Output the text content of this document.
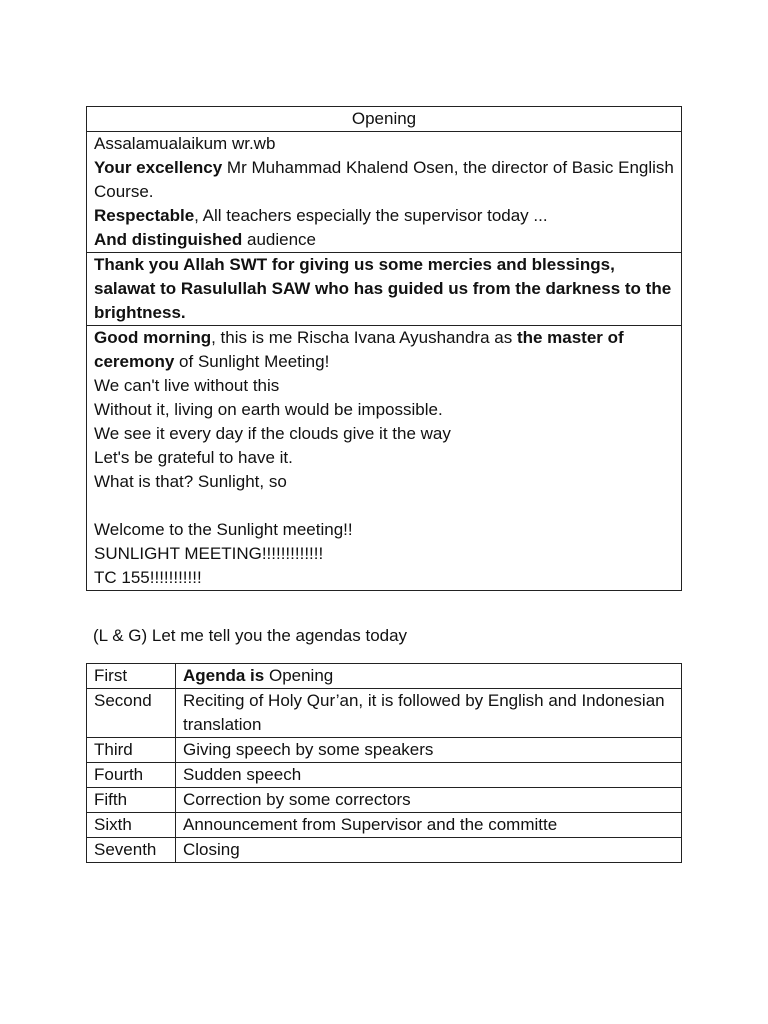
Opening

Assalamualaikum wr.wb
Your excellency Mr Muhammad Khalend Osen, the director of Basic English Course.
Respectable, All teachers especially the supervisor today ...
And distinguished audience

Thank you Allah SWT for giving us some mercies and blessings, salawat to Rasulullah SAW who has guided us from the darkness to the brightness.

Good morning, this is me Rischa Ivana Ayushandra as the master of ceremony of Sunlight Meeting!
We can't live without this
Without it, living on earth would be impossible.
We see it every day if the clouds give it the way
Let's be grateful to have it.
What is that? Sunlight, so
Welcome to the Sunlight meeting!!
SUNLIGHT MEETING!!!!!!!!!!!!!
TC 155!!!!!!!!!!!
(L & G) Let me tell you the agendas today
First	Agenda is Opening
Second	Reciting of Holy Qur’an, it is followed by English and Indonesian translation
Third	Giving speech by some speakers
Fourth	Sudden speech
Fifth	Correction by some correctors
Sixth	Announcement from Supervisor and the committe
Seventh	Closing
